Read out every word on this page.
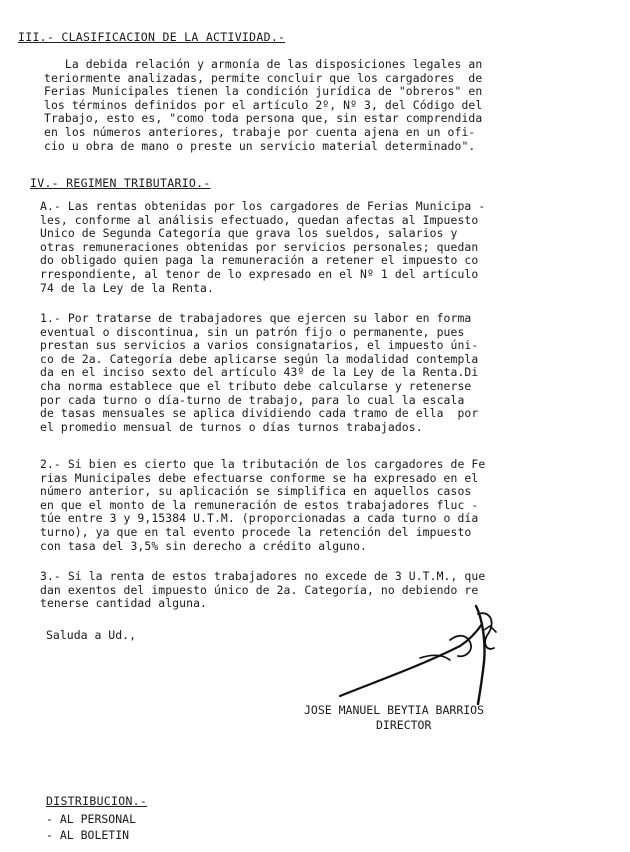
III.- CLASIFICACION DE LA ACTIVIDAD.-
La debida relación y armonía de las disposiciones legales an
teriormente analizadas, permite concluir que los cargadores  de
Ferias Municipales tienen la condición jurídica de "obreros" en
los términos definidos por el artículo 2º, Nº 3, del Código del
Trabajo, esto es, "como toda persona que, sin estar comprendida
en los números anteriores, trabaje por cuenta ajena en un ofi-
cio u obra de mano o preste un servicio material determinado".
IV.- REGIMEN TRIBUTARIO.-
A.- Las rentas obtenidas por los cargadores de Ferias Municipa -
les, conforme al análisis efectuado, quedan afectas al Impuesto
Unico de Segunda Categoría que grava los sueldos, salarios y
otras remuneraciones obtenidas por servicios personales; quedan
do obligado quien paga la remuneración a retener el impuesto co
rrespondiente, al tenor de lo expresado en el Nº 1 del artículo
74 de la Ley de la Renta.
1.- Por tratarse de trabajadores que ejercen su labor en forma
eventual o discontinua, sin un patrón fijo o permanente, pues
prestan sus servicios a varios consignatarios, el impuesto úni-
co de 2a. Categoría debe aplicarse según la modalidad contempla
da en el inciso sexto del artículo 43º de la Ley de la Renta.Di
cha norma establece que el tributo debe calcularse y retenerse
por cada turno o día-turno de trabajo, para lo cual la escala
de tasas mensuales se aplica dividiendo cada tramo de ella  por
el promedio mensual de turnos o días turnos trabajados.
2.- Si bien es cierto que la tributación de los cargadores de Fe
rias Municipales debe efectuarse conforme se ha expresado en el
número anterior, su aplicación se simplifica en aquellos casos
en que el monto de la remuneración de estos trabajadores fluc -
túe entre 3 y 9,15384 U.T.M. (proporcionadas a cada turno o día
turno), ya que en tal evento procede la retención del impuesto
con tasa del 3,5% sin derecho a crédito alguno.
3.- Si la renta de estos trabajadores no excede de 3 U.T.M., que
dan exentos del impuesto único de 2a. Categoría, no debiendo re
tenerse cantidad alguna.
Saluda a Ud.,
JOSE MANUEL BEYTIA BARRIOS
DIRECTOR
DISTRIBUCION.-
- AL PERSONAL
- AL BOLETIN
